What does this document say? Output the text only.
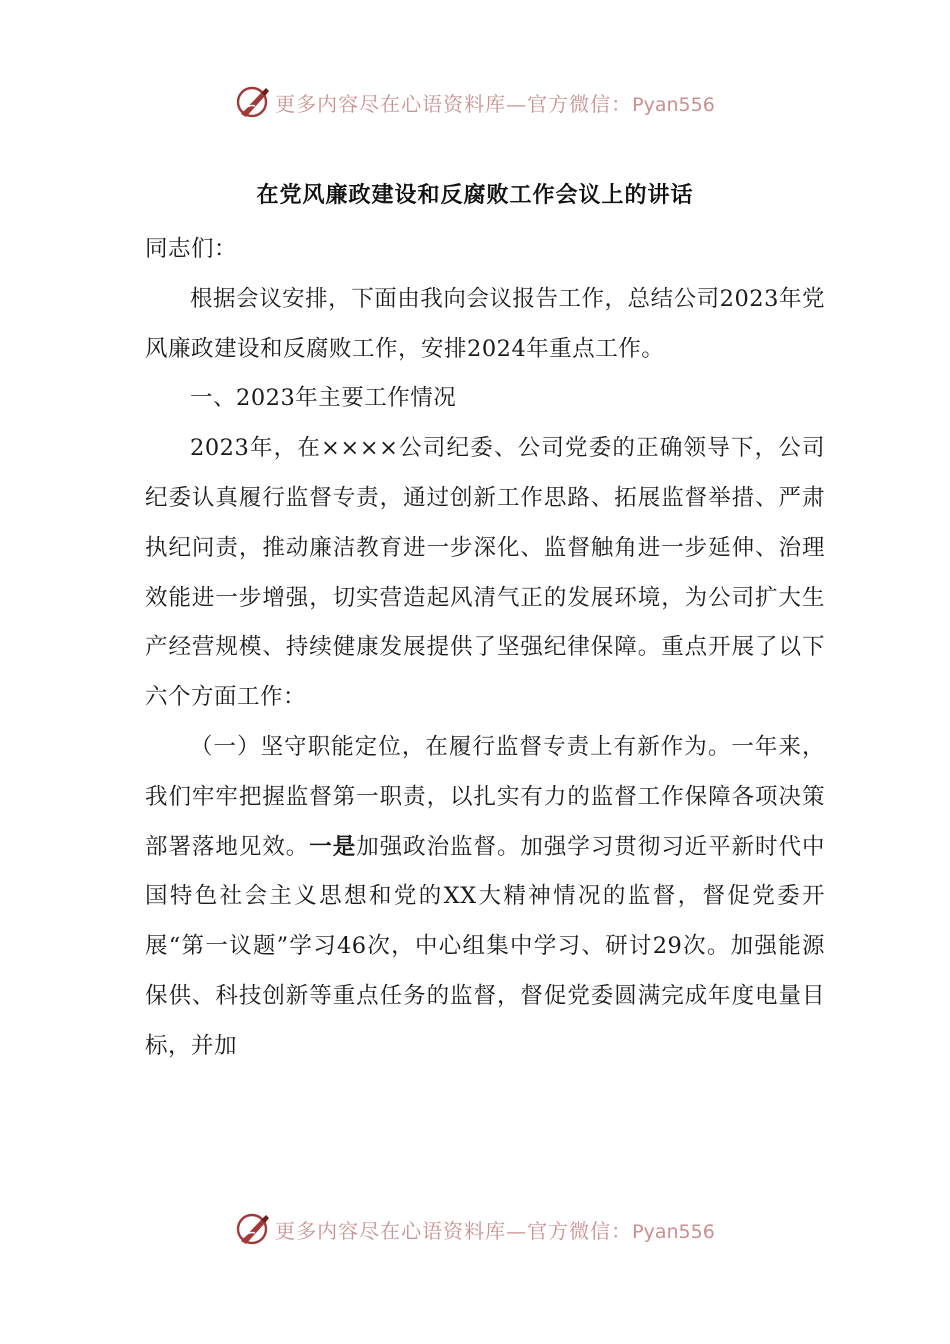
更多内容尽在心语资料库—官方微信：Pyan556
在党风廉政建设和反腐败工作会议上的讲话

同志们：

根据会议安排，下面由我向会议报告工作，总结公司2023年党风廉政建设和反腐败工作，安排2024年重点工作。

一、2023年主要工作情况

2023年，在××××公司纪委、公司党委的正确领导下，公司纪委认真履行监督专责，通过创新工作思路、拓展监督举措、严肃执纪问责，推动廉洁教育进一步深化、监督触角进一步延伸、治理效能进一步增强，切实营造起风清气正的发展环境，为公司扩大生产经营规模、持续健康发展提供了坚强纪律保障。重点开展了以下六个方面工作：

（一）坚守职能定位，在履行监督专责上有新作为。一年来，我们牢牢把握监督第一职责，以扎实有力的监督工作保障各项决策部署落地见效。一是加强政治监督。加强学习贯彻习近平新时代中国特色社会主义思想和党的XX大精神情况的监督，督促党委开展“第一议题”学习46次，中心组集中学习、研讨29次。加强能源保供、科技创新等重点任务的监督，督促党委圆满完成年度电量目标，并加

更多内容尽在心语资料库—官方微信：Pyan556
